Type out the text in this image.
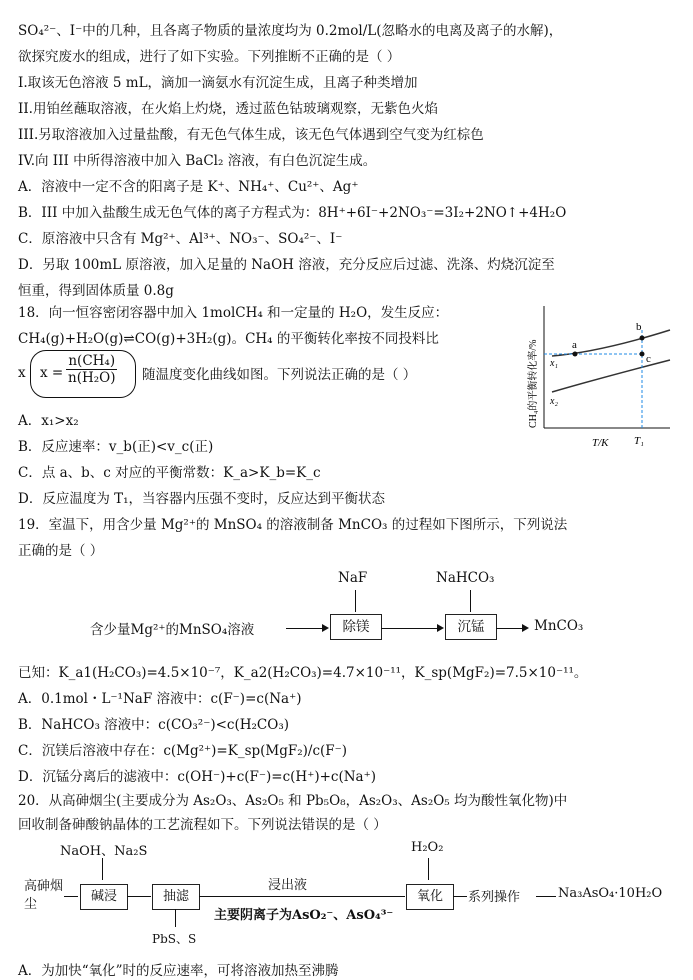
SO₄²⁻、I⁻中的几种，且各离子物质的量浓度均为 0.2mol/L(忽略水的电离及离子的水解)，
欲探究废水的组成，进行了如下实验。下列推断不正确的是（ ）
I.取该无色溶液 5 mL，滴加一滴氨水有沉淀生成，且离子种类增加
II.用铂丝蘸取溶液，在火焰上灼烧，透过蓝色钴玻璃观察，无紫色火焰
III.另取溶液加入过量盐酸，有无色气体生成，该无色气体遇到空气变为红棕色
IV.向 III 中所得溶液中加入 BaCl₂ 溶液，有白色沉淀生成。
A．溶液中一定不含的阳离子是 K⁺、NH₄⁺、Cu²⁺、Ag⁺
B．III 中加入盐酸生成无色气体的离子方程式为：8H⁺+6I⁻+2NO₃⁻=3I₂+2NO↑+4H₂O
C．原溶液中只含有 Mg²⁺、Al³⁺、NO₃⁻、SO₄²⁻、I⁻
D．另取 100mL 原溶液，加入足量的 NaOH 溶液，充分反应后过滤、洗涤、灼烧沉淀至
恒重，得到固体质量 0.8g
18．向一恒容密闭容器中加入 1molCH₄ 和一定量的 H₂O，发生反应：
CH₄(g)+H₂O(g)⇌CO(g)+3H₂(g)。CH₄ 的平衡转化率按不同投料比
x $x = \frac{\text{n(CH₄)}}{\text{n(H₂O)}}$ 随温度变化曲线如图。下列说法正确的是（ ）
A．x₁>x₂
B．反应速率：v_b(正)<v_c(正)
C．点 a、b、c 对应的平衡常数：K_a>K_b=K_c
D．反应温度为 T₁，当容器内压强不变时，反应达到平衡状态
a
b
c
x₁
x₂
T/K T₁
CH₄的平衡转化率/%
19．室温下，用含少量 Mg²⁺的 MnSO₄ 的溶液制备 MnCO₃ 的过程如下图所示，下列说法
正确的是（ ）
含少量Mg²⁺的MnSO₄溶液	除镁
NaF
沉锰
NaHCO₃
MnCO₃
已知：K_a1(H₂CO₃)=4.5×10⁻⁷，K_a2(H₂CO₃)=4.7×10⁻¹¹，K_sp(MgF₂)=7.5×10⁻¹¹。
A．0.1mol・L⁻¹NaF 溶液中：c(F⁻)=c(Na⁺)
B．NaHCO₃ 溶液中：c(CO₃²⁻)<c(H₂CO₃)
C．沉镁后溶液中存在：c(Mg²⁺)=K_sp(MgF₂)/c(F⁻)
D．沉锰分离后的滤液中：c(OH⁻)+c(F⁻)=c(H⁺)+c(Na⁺)
20．从高砷烟尘(主要成分为 As₂O₃、As₂O₅ 和 Pb₅O₈，As₂O₃、As₂O₅ 均为酸性氧化物)中
回收制备砷酸钠晶体的工艺流程如下。下列说法错误的是（ ）
高砷烟尘
NaOH、Na₂S
碱浸	抽滤
PbS、S
浸出液
主要阴离子为AsO₂⁻、AsO₄³⁻
H₂O₂
氧化	系列操作	Na₃AsO₄·10H₂O
A．为加快“氧化”时的反应速率，可将溶液加热至沸腾
